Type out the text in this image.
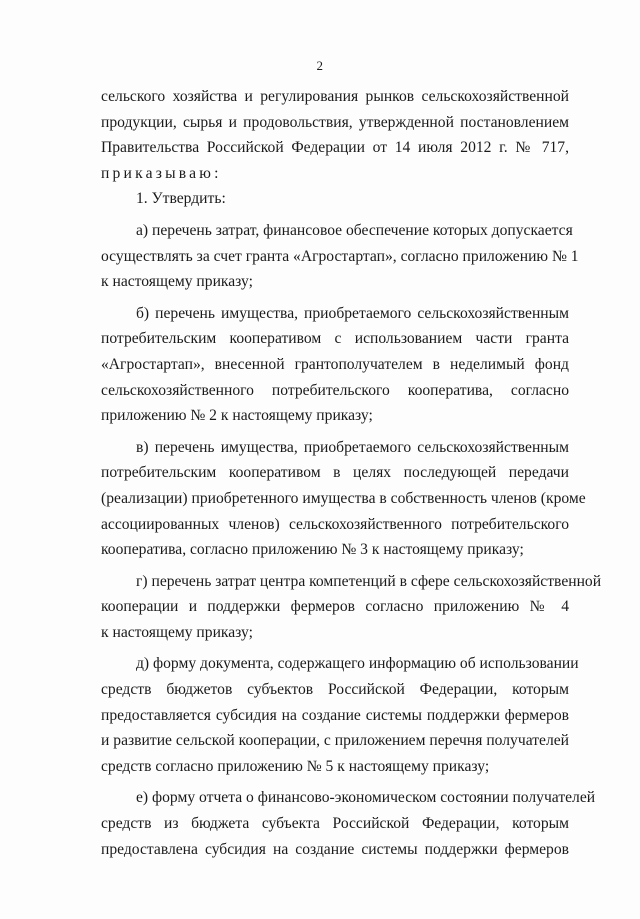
2
сельского хозяйства и регулирования рынков сельскохозяйственной
продукции, сырья и продовольствия, утвержденной постановлением
Правительства Российской Федерации от 14 июля 2012 г. № 717,
приказываю:
1. Утвердить:
а) перечень затрат, финансовое обеспечение которых допускается
осуществлять за счет гранта «Агростартап», согласно приложению № 1
к настоящему приказу;
б) перечень имущества, приобретаемого сельскохозяйственным
потребительским кооперативом с использованием части гранта
«Агростартап», внесенной грантополучателем в неделимый фонд
сельскохозяйственного потребительского кооператива, согласно
приложению № 2 к настоящему приказу;
в) перечень имущества, приобретаемого сельскохозяйственным
потребительским кооперативом в целях последующей передачи
(реализации) приобретенного имущества в собственность членов (кроме
ассоциированных членов) сельскохозяйственного потребительского
кооператива, согласно приложению № 3 к настоящему приказу;
г) перечень затрат центра компетенций в сфере сельскохозяйственной
кооперации и поддержки фермеров согласно приложению № 4
к настоящему приказу;
д) форму документа, содержащего информацию об использовании
средств бюджетов субъектов Российской Федерации, которым
предоставляется субсидия на создание системы поддержки фермеров
и развитие сельской кооперации, с приложением перечня получателей
средств согласно приложению № 5 к настоящему приказу;
е) форму отчета о финансово-экономическом состоянии получателей
средств из бюджета субъекта Российской Федерации, которым
предоставлена субсидия на создание системы поддержки фермеров
